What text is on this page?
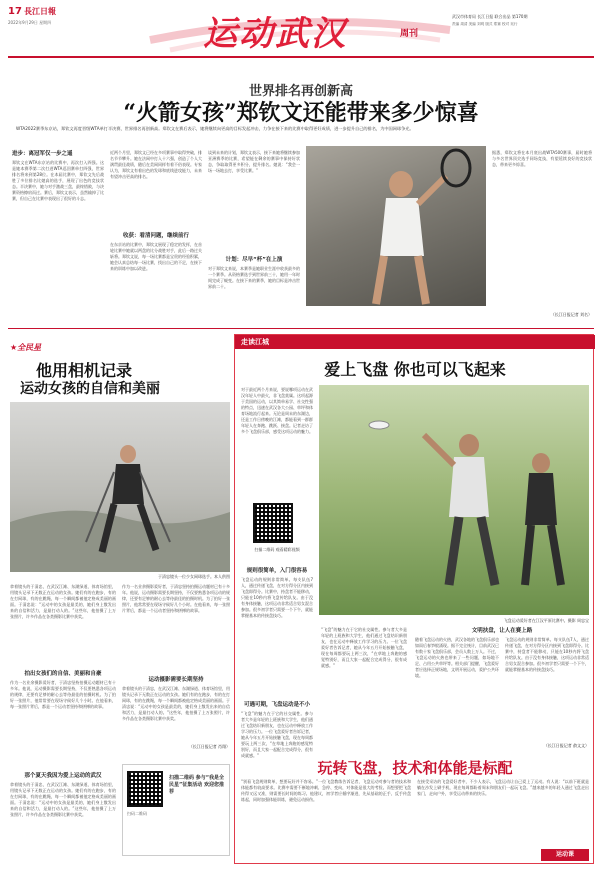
17 長江日報
2022年9月29日 星期四	运动武汉	周刊
武汉市体育局 长江日报 联合出品 第170期
责编 周清 美编 刘玥 版式 郑赛 校对 吴行
世界排名再创新高
“火箭女孩”郑钦文还能带来多少惊喜
WTA2022赛季东京站，郑钦文再度晋级WTA单打半决赛，世界排名再创新高。郑钦文在赛后表示，她将继续向更高的目标发起冲击，力争在接下来的比赛中取得更好成绩，进一步提升自己的排名，为中国网球争光。
进步：离冠军仅一步之遥
郑钦文在WTA东京站的比赛中，再次打入四强。这是她本赛季第二次打进WTA巡回赛单打四强，世界排名将来到第28位。在本届比赛中，郑钦文先后战胜了多位排名比她高的选手，展现了出色的竞技状态。半决赛中，她与对手激战三盘，最终惜败，与决赛资格擦肩而过。赛后，郑钦文表示，虽然输掉了比赛，但自己在比赛中表现出了很好的斗志。
近两个月里，郑钦文已经在多项赛事中取得突破，排名节节攀升。她在法网中打入十六强，创造了个人大满贯最佳战绩，随后在美网同样有着不俗表现。专家认为，郑钦文有着出色的发球和底线进攻能力，未来有望冲击更高的排名。
收获：看清问题，继续前行
在东京站的比赛中，郑钦文展现了稳定的发挥，在首轮比赛中她就以两盘的比分战胜对手，此后一路过关斩将。郑钦文说，每一场比赛都是宝贵的经验积累，她会认真总结每一场比赛，找出自己的不足，在接下来的训练中加以改进。
谈到未来的计划，郑钦文表示，接下来她将继续参加亚洲赛季的比赛，希望能在剩余的赛事中保持好状态，争取取得更多积分，提升排名。她说：“我会一场一场地去打，享受比赛。”
计划：尽早“杯”在上演
对于郑钦文来说，本赛季是她职业生涯中收获最多的一个赛季。从资格赛选手到世界前三十，她用一年时间完成了蜕变。在接下来的赛季，她的目标是冲击世界前二十。
据悉，郑钦文将在本月底出战WTA500赛事，届时她将与多名世界顶尖选手同场竞技，有望延续良好的竞技状态，带来更多惊喜。
（长江日报记者 刘名）
★全民星
他用相机记录
运动女孩的自信和美丽
于清忠镜头一位少女网球选手。本人供图
拿着镜头的于清忠，在武汉江滩、东湖绿道、体育场馆里，用镜头记录下无数正在运动的女孩。她们有的在跑步，有的在打网球，有的在跳绳，每一个瞬间都被他定格成美丽的画面。于清忠说：“运动中的女孩是最美的，她们身上散发出来的自信和活力，是最打动人的。”这些年，他拍摄了上万张照片，许多作品在各类摄影比赛中获奖。
拍出女孩们的自信、美丽和自豪
作为一名业余摄影爱好者，于清忠坚持拍摄运动题材已有十多年。他说，运动摄影需要长期坚持，不仅要熟悉各项运动的规律，还要有足够的耐心去等待最佳的拍摄时机。为了拍好一张照片，他常常要在现场守候好几个小时。在他看来，每一张照片背后，都是一个运动者坚持和拼搏的故事。
那个夏天我因为爱上运动的武汉
拿着镜头的于清忠，在武汉江滩、东湖绿道、体育场馆里，用镜头记录下无数正在运动的女孩。她们有的在跑步，有的在打网球，有的在跳绳，每一个瞬间都被他定格成美丽的画面。于清忠说：“运动中的女孩是最美的，她们身上散发出来的自信和活力，是最打动人的。”这些年，他拍摄了上万张照片，许多作品在各类摄影比赛中获奖。
作为一名业余摄影爱好者，于清忠坚持拍摄运动题材已有十多年。他说，运动摄影需要长期坚持，不仅要熟悉各项运动的规律，还要有足够的耐心去等待最佳的拍摄时机。为了拍好一张照片，他常常要在现场守候好几个小时。在他看来，每一张照片背后，都是一个运动者坚持和拼搏的故事。
运动摄影需要长期坚持
拿着镜头的于清忠，在武汉江滩、东湖绿道、体育场馆里，用镜头记录下无数正在运动的女孩。她们有的在跑步，有的在打网球，有的在跳绳，每一个瞬间都被他定格成美丽的画面。于清忠说：“运动中的女孩是最美的，她们身上散发出来的自信和活力，是最打动人的。”这些年，他拍摄了上万张照片，许多作品在各类摄影比赛中获奖。
（长江日报记者 肖翔）
扫码二维码
扫描二维码 参与“我是全民星”征集活动 欢迎您推荐
走读江城
爱上飞盘 你也可以飞起来
对于最近两个月来说，要说哪项运动在武汉年轻人中最火，非飞盘莫属。这项起源于美国的运动，以其简单易学、社交性强的特点，迅速在武汉各大公园、草坪和体育场地流行起来。无论是周末的东湖边，还是工作日傍晚的江滩，都能看到一群群年轻人在奔跑、跳跃、接盘。记者走访了多个飞盘俱乐部，感受这项运动的魅力。
扫描二维码 观看精彩视频
飞盘运动爱好者在江汉平原比赛中。摄影 周忠宝
规则很简单，入门很容易
飞盘运动的规则非常简单。每支队伍7人，通过传递飞盘，在对方得分区内接到飞盘即得分。比赛中，持盘者不能移动，只能在10秒内将飞盘传给队友。由于没有身体接触，这项运动非常适合男女混合参加。很多初学者只需要一个下午，就能掌握基本的传接盘技巧。
可遇可期，飞盘运动是不小
“飞盘”的魅力在于它的社交属性。参与者大多是年轻的上班族和大学生，他们通过飞盘结识新朋友，也在运动中释放工作学习的压力。一位飞盘爱好者告诉记者，她从今年五月开始接触飞盘，现在每周都要玩上两三次，“在草地上奔跑的感觉特别好，而且大家一起配合完成得分，很有成就感。”
“飞盘”的魅力在于它的社交属性。参与者大多是年轻的上班族和大学生，他们通过飞盘结识新朋友，也在运动中释放工作学习的压力。一位飞盘爱好者告诉记者，她从今年五月开始接触飞盘，现在每周都要玩上两三次，“在草地上奔跑的感觉特别好，而且大家一起配合完成得分，很有成就感。”
文明扶盘，让人在赛上路
随着飞盘运动的火热，武汉各地的飞盘俱乐部也如雨后春笋般涌现。据不完全统计，目前武汉已有数十家飞盘俱乐部，会员人数上万人。不过，飞盘运动的火热也带来了一些问题，如场地不足、占用公共草坪等。相关部门提醒，飞盘爱好者应选择正规场地，文明开展运动，爱护公共环境。
飞盘运动的规则非常简单。每支队伍7人，通过传递飞盘，在对方得分区内接到飞盘即得分。比赛中，持盘者不能移动，只能在10秒内将飞盘传给队友。由于没有身体接触，这项运动非常适合男女混合参加。很多初学者只需要一个下午，就能掌握基本的传接盘技巧。
（长江日报记者 俞文文）
玩转飞盘，技术和体能是标配
“别看飞盘规则简单，想要玩好并不容易。”一位飞盘教练告诉记者，飞盘运动对参与者的技术和体能都有较高要求。比赛中需要不断地冲刺、急停、变向，对体能是很大的考验。而想要把飞盘传得又远又准，则需要长时间的练习。他建议，初学者应循序渐进，先从基础的正手、反手传盘练起，同时加强体能训练，避免运动损伤。
在接受采访的飞盘爱好者中，不少人表示，飞盘运动让自己爱上了运动。有人说：“以前下班就是躺在沙发上刷手机，现在每周都盼着周末和朋友们一起玩飞盘。”越来越多的年轻人通过飞盘走出家门，走向户外，享受运动带来的快乐。
运动课
